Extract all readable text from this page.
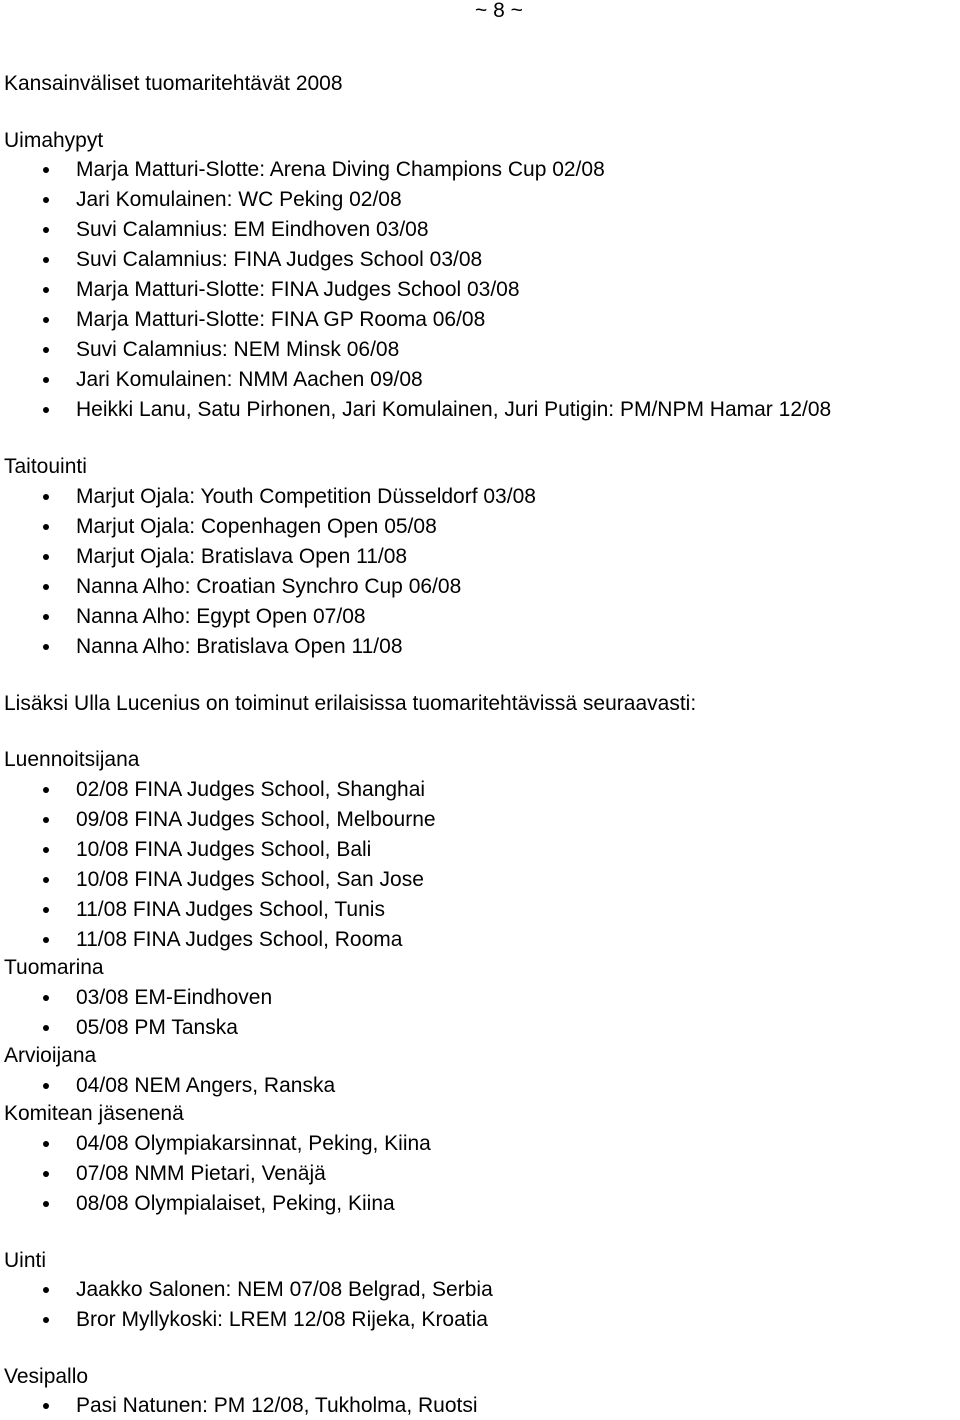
~ 8 ~
Kansainväliset tuomaritehtävät 2008
Uimahypyt
Marja Matturi-Slotte: Arena Diving Champions Cup 02/08
Jari Komulainen: WC Peking 02/08
Suvi Calamnius: EM Eindhoven 03/08
Suvi Calamnius: FINA Judges School 03/08
Marja Matturi-Slotte: FINA Judges School 03/08
Marja Matturi-Slotte: FINA GP Rooma 06/08
Suvi Calamnius: NEM Minsk 06/08
Jari Komulainen: NMM Aachen 09/08
Heikki Lanu, Satu Pirhonen, Jari Komulainen, Juri Putigin: PM/NPM Hamar 12/08
Taitouinti
Marjut Ojala: Youth Competition Düsseldorf 03/08
Marjut Ojala: Copenhagen Open 05/08
Marjut Ojala: Bratislava Open 11/08
Nanna Alho: Croatian Synchro Cup 06/08
Nanna Alho: Egypt Open 07/08
Nanna Alho: Bratislava Open 11/08
Lisäksi Ulla Lucenius on toiminut erilaisissa tuomaritehtävissä seuraavasti:
Luennoitsijana
02/08 FINA Judges School, Shanghai
09/08 FINA Judges School, Melbourne
10/08 FINA Judges School, Bali
10/08 FINA Judges School, San Jose
11/08 FINA Judges School, Tunis
11/08 FINA Judges School, Rooma
Tuomarina
03/08 EM-Eindhoven
05/08 PM Tanska
Arvioijana
04/08 NEM Angers, Ranska
Komitean jäsenenä
04/08 Olympiakarsinnat, Peking, Kiina
07/08 NMM Pietari, Venäjä
08/08 Olympialaiset, Peking, Kiina
Uinti
Jaakko Salonen: NEM 07/08 Belgrad, Serbia
Bror Myllykoski: LREM 12/08 Rijeka, Kroatia
Vesipallo
Pasi Natunen: PM 12/08, Tukholma, Ruotsi
